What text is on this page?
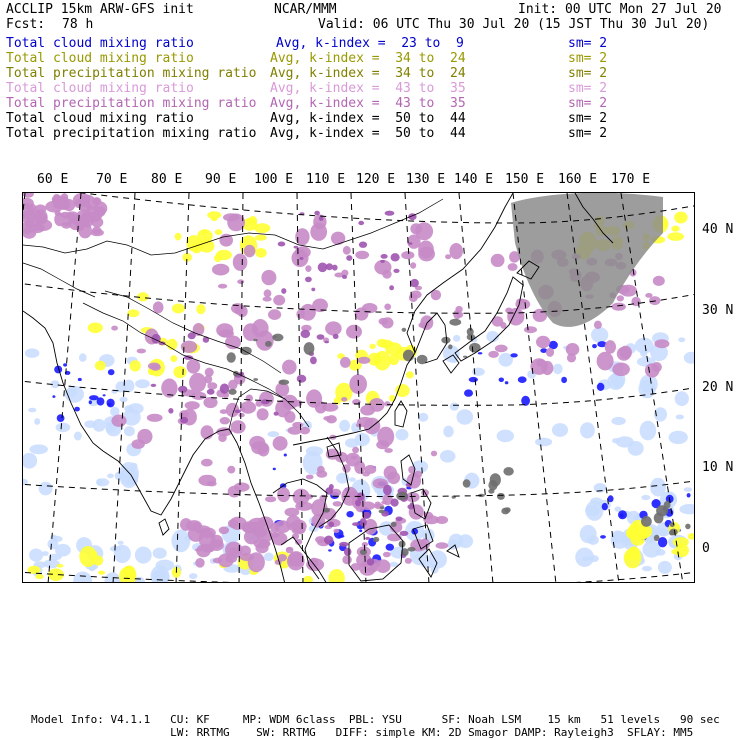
ACCLIP 15km ARW-GFS init	NCAR/MMM	Init: 00 UTC Mon 27 Jul 20
Fcst: 78 h	Valid: 06 UTC Thu 30 Jul 20 (15 JST Thu 30 Jul 20)
Total cloud mixing ratio	Avg, k-index =  23 to  9	sm= 2
Total cloud mixing ratio	Avg, k-index =  34 to  24	sm= 2
Total precipitation mixing ratio Avg, k-index =  34 to  24	sm= 2
Total cloud mixing ratio	Avg, k-index =  43 to  35	sm= 2
Total precipitation mixing ratio Avg, k-index =  43 to  35	sm= 2
Total cloud mixing ratio	Avg, k-index =  50 to  44	sm= 2
Total precipitation mixing ratio Avg, k-index =  50 to  44	sm= 2
60 E 70 E 80 E 90 E 100 E 110 E 120 E 130 E 140 E 150 E 160 E 170 E
40 N
30 N
20 N
10 N
0
Model Info: V4.1.1   CU: KF     MP: WDM 6class  PBL: YSU      SF: Noah LSM    15 km   51 levels   90 sec
LW: RRTMG    SW: RRTMG   DIFF: simple KM: 2D Smagor DAMP: Rayleigh3  SFLAY: MM5
